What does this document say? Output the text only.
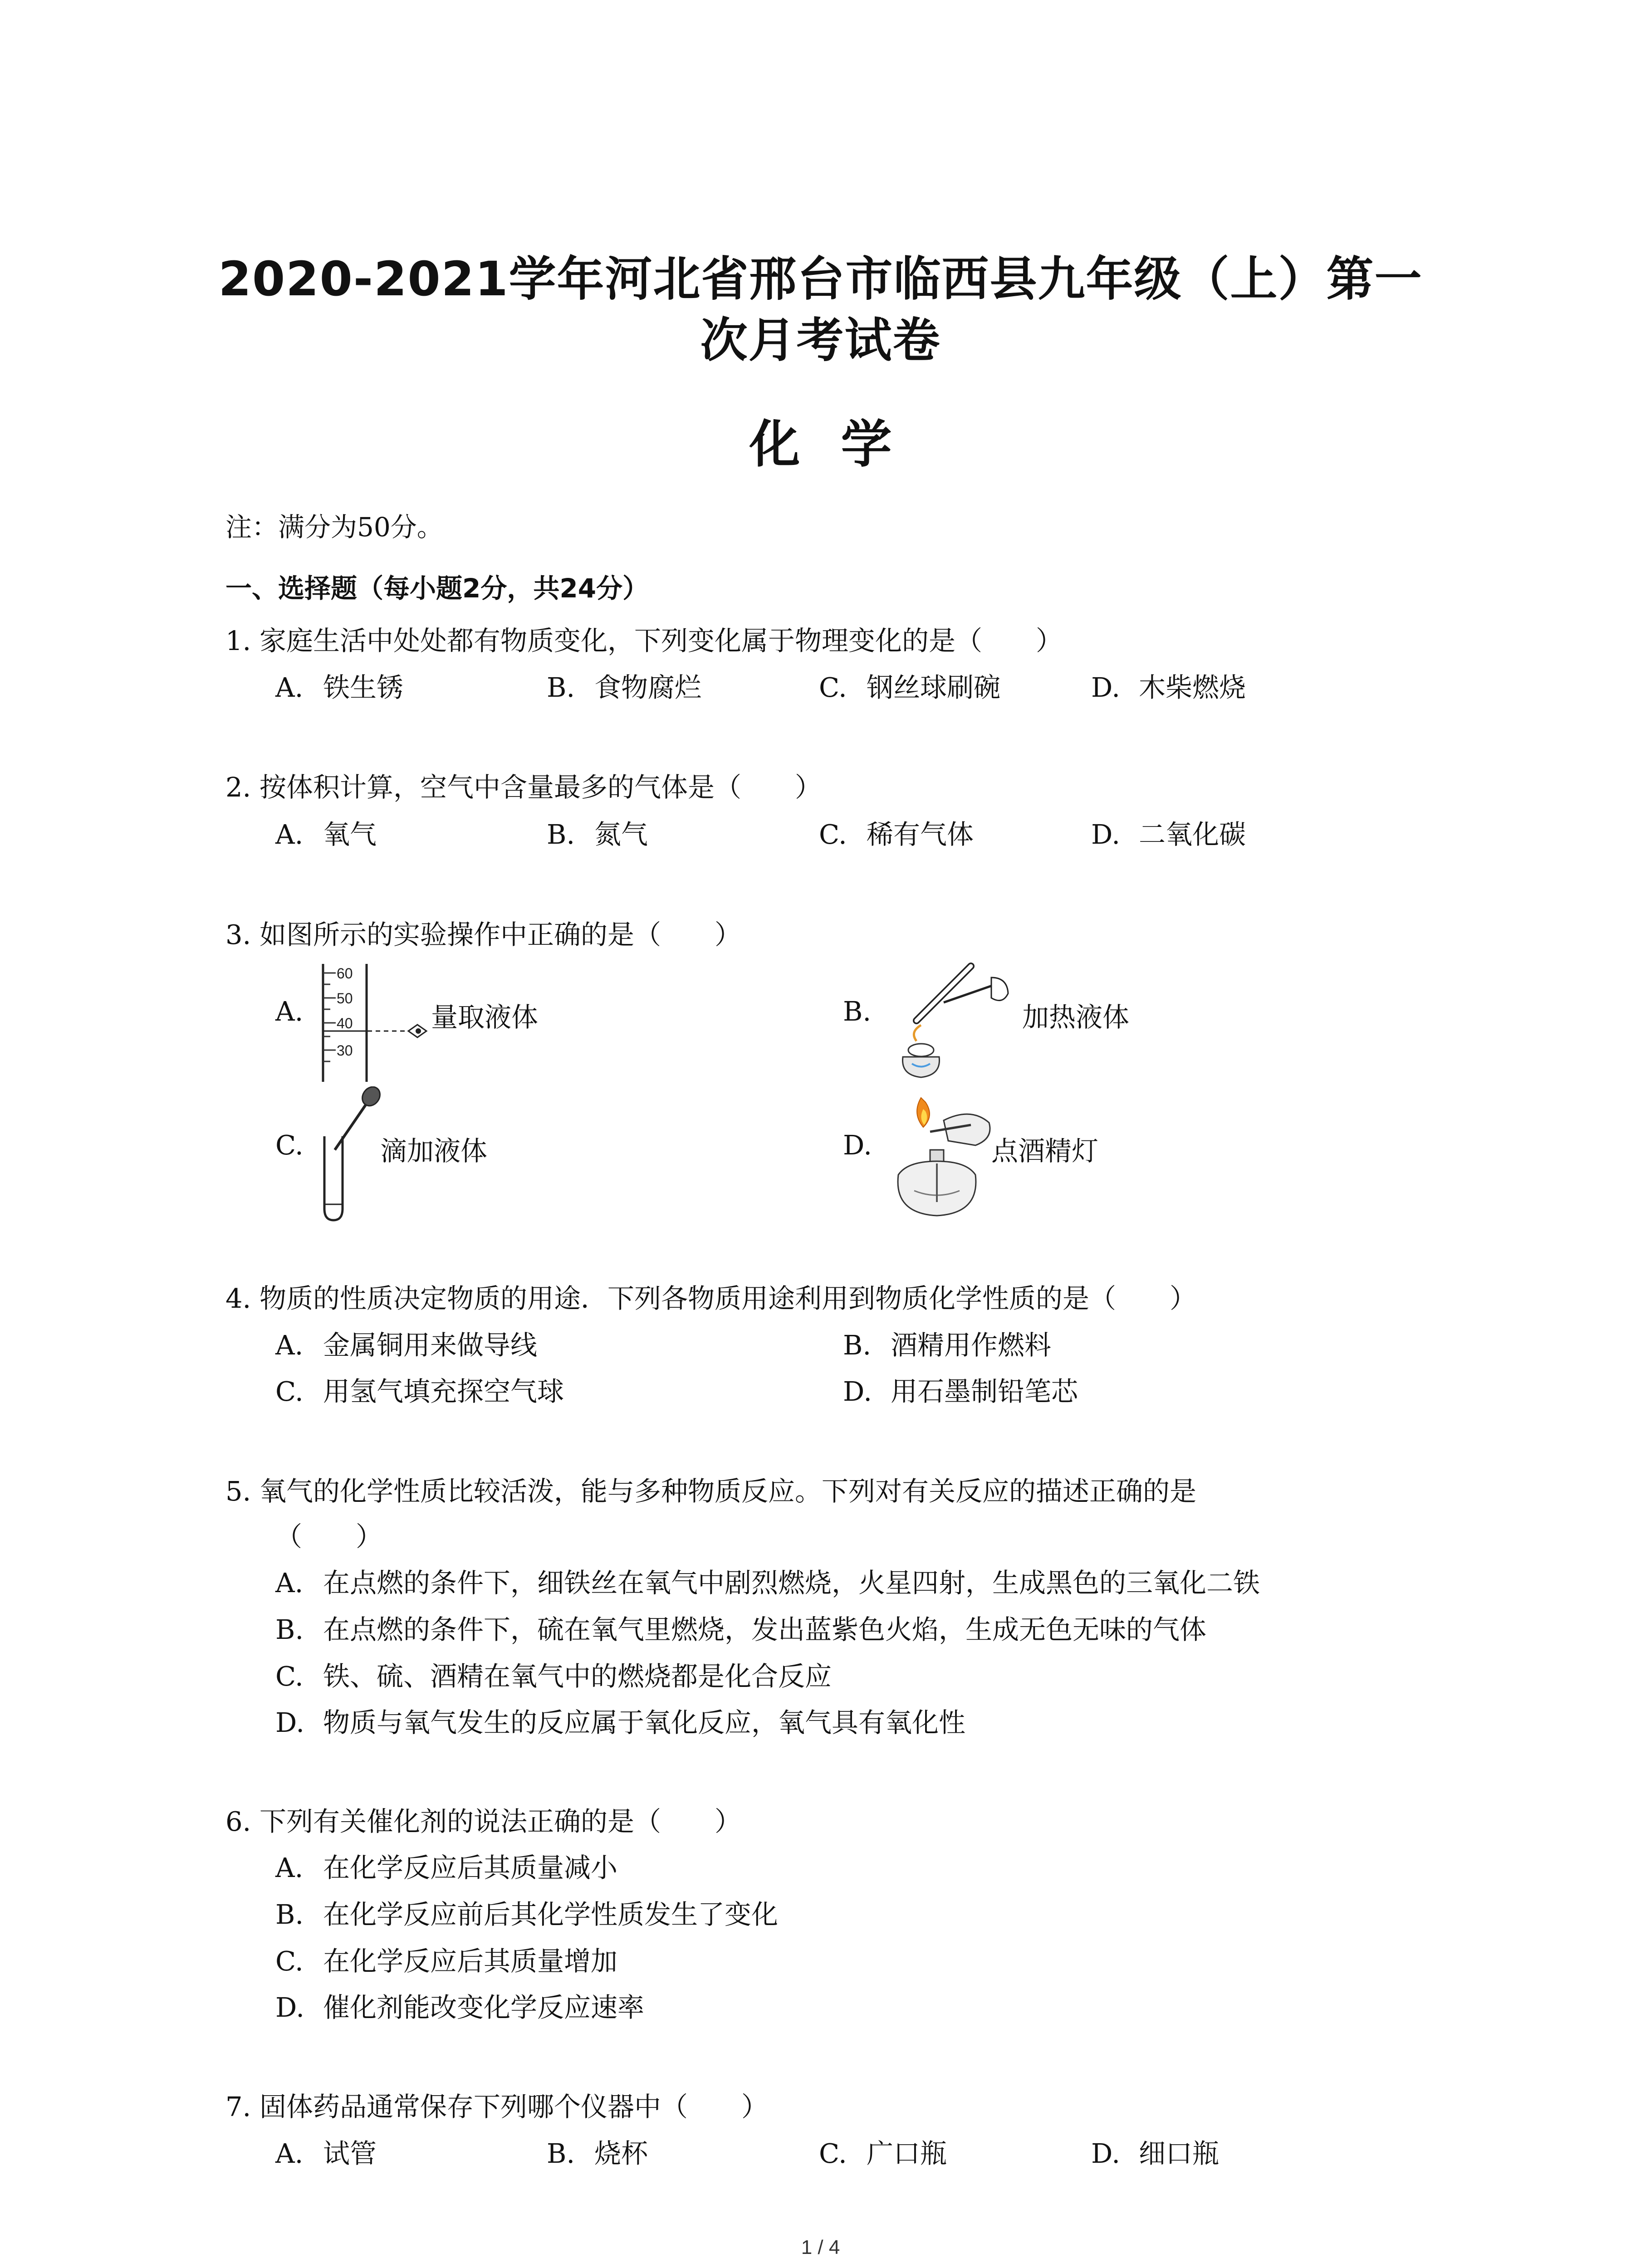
2020-2021学年河北省邢台市临西县九年级（上）第一
次月考试卷
化学
注：满分为50分。
一、选择题（每小题2分，共24分）
1. 家庭生活中处处都有物质变化，下列变化属于物理变化的是（　　）
A. 铁生锈	B. 食物腐烂	C. 钢丝球刷碗	D. 木柴燃烧
2. 按体积计算，空气中含量最多的气体是（　　）
A. 氧气	B. 氮气	C. 稀有气体	D. 二氧化碳
3. 如图所示的实验操作中正确的是（　　）
A.
60
50
40
30
量取液体	B.	加热液体
C.	滴加液体	D.	点酒精灯
4. 物质的性质决定物质的用途．下列各物质用途利用到物质化学性质的是（　　）
A. 金属铜用来做导线	B. 酒精用作燃料
C. 用氢气填充探空气球	D. 用石墨制铅笔芯
5. 氧气的化学性质比较活泼，能与多种物质反应。下列对有关反应的描述正确的是
（　　）
A. 在点燃的条件下，细铁丝在氧气中剧烈燃烧，火星四射，生成黑色的三氧化二铁
B. 在点燃的条件下，硫在氧气里燃烧，发出蓝紫色火焰，生成无色无味的气体
C. 铁、硫、酒精在氧气中的燃烧都是化合反应
D. 物质与氧气发生的反应属于氧化反应，氧气具有氧化性
6. 下列有关催化剂的说法正确的是（　　）
A. 在化学反应后其质量减小
B. 在化学反应前后其化学性质发生了变化
C. 在化学反应后其质量增加
D. 催化剂能改变化学反应速率
7. 固体药品通常保存下列哪个仪器中（　　）
A. 试管	B. 烧杯	C. 广口瓶	D. 细口瓶
1 / 4
